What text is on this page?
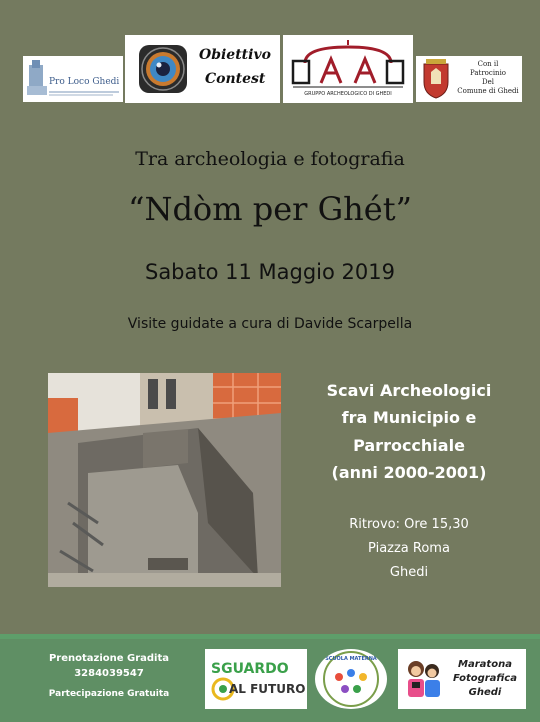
Pro Loco Ghedi
Obiettivo
Contest
GRUPPO ARCHEOLOGICO DI GHEDI
Con il
Patrocinio
Del
Comune di Ghedi
Tra archeologia e fotografia
“Ndòm per Ghét”
Sabato 11 Maggio 2019
Visite guidate a cura di Davide Scarpella
Scavi Archeologici
fra Municipio e
Parrocchiale
(anni 2000-2001)
Ritrovo: Ore 15,30
Piazza Roma
Ghedi
Prenotazione Gradita
3284039547
Partecipazione Gratuita
SGUARDO
AL FUTURO
SCUOLA MATERNA	Maratona
Fotografica
Ghedi
